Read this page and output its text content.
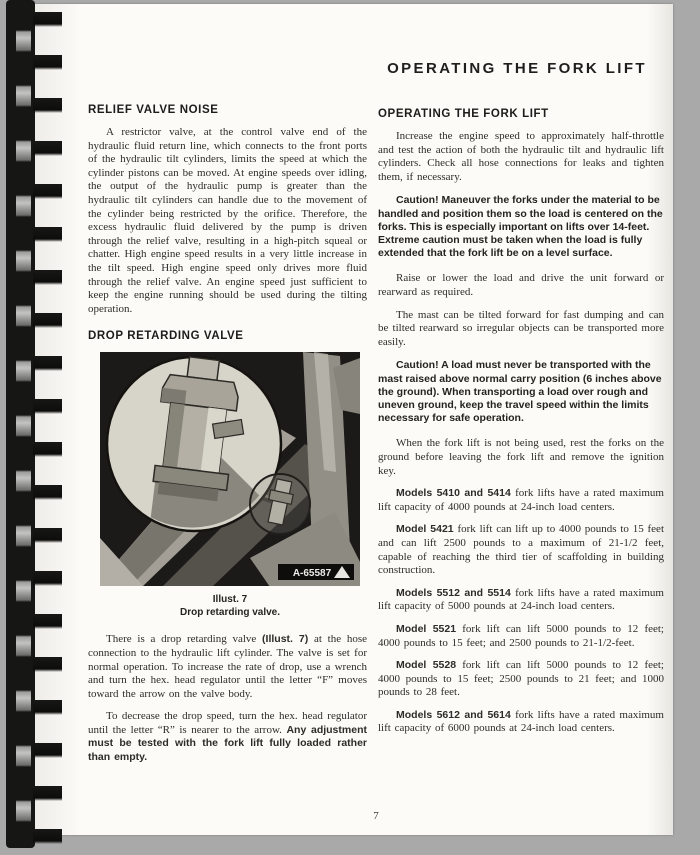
OPERATING THE FORK LIFT
RELIEF VALVE NOISE

A restrictor valve, at the control valve end of the hydraulic fluid return line, which connects to the front ports of the hydraulic tilt cylinders, limits the speed at which the cylinder pistons can be moved. At engine speeds over idling, the output of the hydraulic pump is greater than the hydraulic tilt cylinders can handle due to the movement of the cylinder being restricted by the orifice. Therefore, the excess hydraulic fluid delivered by the pump is driven through the relief valve, resulting in a high-pitch squeal or chatter. High engine speed results in a very little increase in the tilt speed. High engine speed only drives more fluid through the relief valve. An engine speed just sufficient to keep the engine running should be used during the tilting operation.

DROP RETARDING VALVE
A-65587
Illust. 7
Drop retarding valve.

There is a drop retarding valve (Illust. 7) at the hose connection to the hydraulic lift cylinder. The valve is set for normal operation. To increase the rate of drop, use a wrench and turn the hex. head regulator until the letter “F” moves toward the arrow on the valve body.

To decrease the drop speed, turn the hex. head regulator until the letter “R” is nearer to the arrow. Any adjustment must be tested with the fork lift fully loaded rather than empty.

OPERATING THE FORK LIFT

Increase the engine speed to approximately half-throttle and test the action of both the hydraulic tilt and hydraulic lift cylinders. Check all hose connections for leaks and tighten them, if necessary.

Caution! Maneuver the forks under the material to be handled and position them so the load is centered on the forks. This is especially important on lifts over 14-feet. Extreme caution must be taken when the load is fully extended that the fork lift be on a level surface.

Raise or lower the load and drive the unit forward or rearward as required.

The mast can be tilted forward for fast dumping and can be tilted rearward so irregular objects can be transported more easily.

Caution! A load must never be transported with the mast raised above normal carry position (6 inches above the ground). When transporting a load over rough and uneven ground, keep the travel speed within the limits necessary for safe operation.

When the fork lift is not being used, rest the forks on the ground before leaving the fork lift and remove the ignition key.

Models 5410 and 5414 fork lifts have a rated maximum lift capacity of 4000 pounds at 24-inch load centers.

Model 5421 fork lift can lift up to 4000 pounds to 15 feet and can lift 2500 pounds to a maximum of 21-1/2 feet, capable of reaching the third tier of scaffolding in building construction.

Models 5512 and 5514 fork lifts have a rated maximum lift capacity of 5000 pounds at 24-inch load centers.

Model 5521 fork lift can lift 5000 pounds to 12 feet; 4000 pounds to 15 feet; and 2500 pounds to 21-1/2-feet.

Model 5528 fork lift can lift 5000 pounds to 12 feet; 4000 pounds to 15 feet; 2500 pounds to 21 feet; and 1000 pounds to 28 feet.

Models 5612 and 5614 fork lifts have a rated maximum lift capacity of 6000 pounds at 24-inch load centers.

7
